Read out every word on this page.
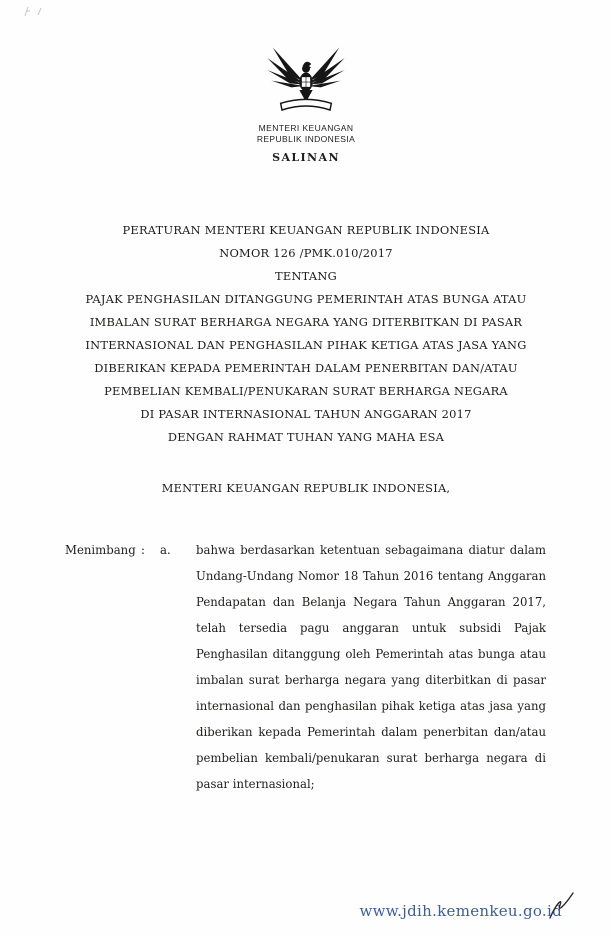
MENTERI KEUANGAN
REPUBLIK INDONESIA
SALINAN
PERATURAN MENTERI KEUANGAN REPUBLIK INDONESIA
NOMOR 126 /PMK.010/2017
TENTANG
PAJAK PENGHASILAN DITANGGUNG PEMERINTAH ATAS BUNGA ATAU
IMBALAN SURAT BERHARGA NEGARA YANG DITERBITKAN DI PASAR
INTERNASIONAL DAN PENGHASILAN PIHAK KETIGA ATAS JASA YANG
DIBERIKAN KEPADA PEMERINTAH DALAM PENERBITAN DAN/ATAU
PEMBELIAN KEMBALI/PENUKARAN SURAT BERHARGA NEGARA
DI PASAR INTERNASIONAL TAHUN ANGGARAN 2017
DENGAN RAHMAT TUHAN YANG MAHA ESA
MENTERI KEUANGAN REPUBLIK INDONESIA,
Menimbang : a. bahwa berdasarkan ketentuan sebagaimana diatur dalam Undang-Undang Nomor 18 Tahun 2016 tentang Anggaran Pendapatan dan Belanja Negara Tahun Anggaran 2017, telah tersedia pagu anggaran untuk subsidi Pajak Penghasilan ditanggung oleh Pemerintah atas bunga atau imbalan surat berharga negara yang diterbitkan di pasar internasional dan penghasilan pihak ketiga atas jasa yang diberikan kepada Pemerintah dalam penerbitan dan/atau pembelian kembali/penukaran surat berharga negara di pasar internasional;
www.jdih.kemenkeu.go.id
